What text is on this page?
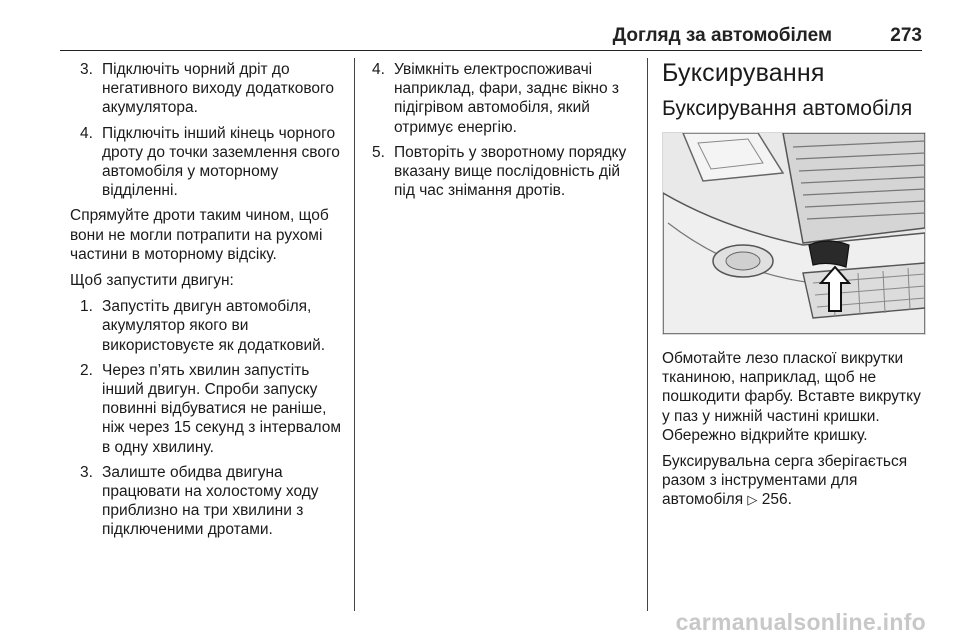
Догляд за автомобілем	273
3. Підключіть чорний дріт до негативного виходу додаткового акумулятора.
4. Підключіть інший кінець чорного дроту до точки заземлення свого автомобіля у моторному відділенні.

Спрямуйте дроти таким чином, щоб вони не могли потрапити на рухомі частини в моторному відсіку.

Щоб запустити двигун:

1. Запустіть двигун автомобіля, акумулятор якого ви використовуєте як додатковий.
2. Через п’ять хвилин запустіть інший двигун. Спроби запуску повинні відбуватися не раніше, ніж через 15 секунд з інтервалом в одну хвилину.
3. Залиште обидва двигуна працювати на холостому ходу приблизно на три хвилини з підключеними дротами.
4. Увімкніть електроспоживачі наприклад, фари, заднє вікно з підігрівом автомобіля, який отримує енергію.
5. Повторіть у зворотному порядку вказану вище послідовність дій під час знімання дротів.
Буксирування
Буксирування автомобіля

Обмотайте лезо пласкої викрутки тканиною, наприклад, щоб не пошкодити фарбу. Вставте викрутку у паз у нижній частині кришки. Обережно відкрийте кришку.

Буксирувальна серга зберігається разом з інструментами для автомобіля ▷ 256.

carmanualsonline.info
